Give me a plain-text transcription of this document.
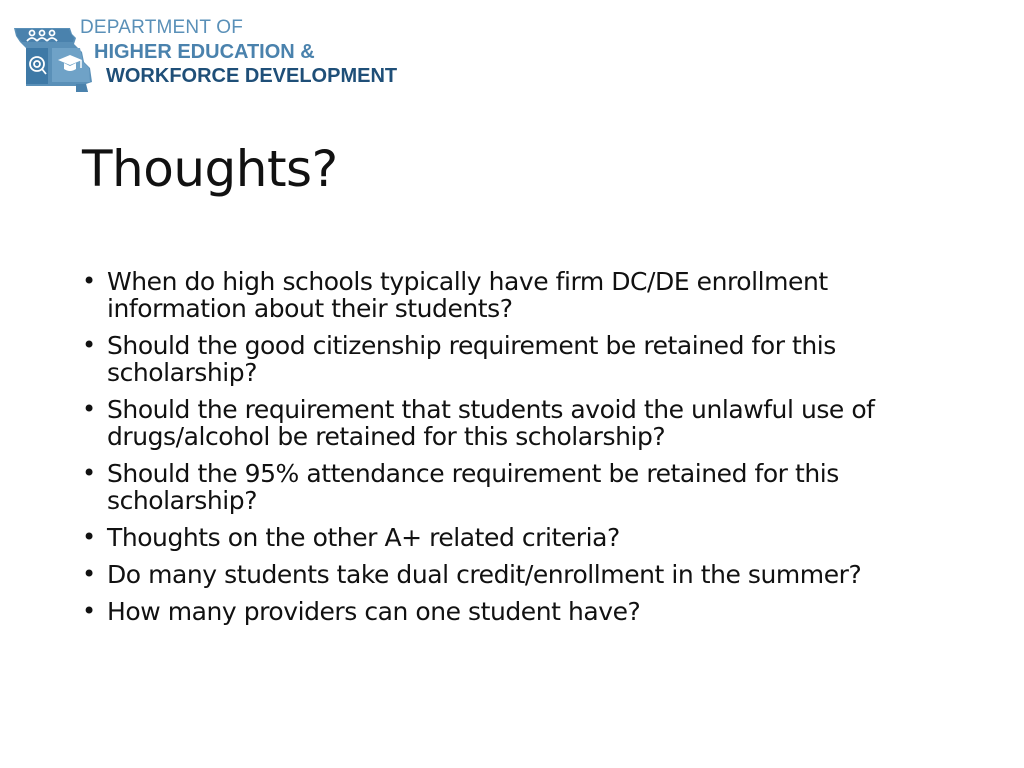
DEPARTMENT OF
HIGHER EDUCATION &
WORKFORCE DEVELOPMENT
Thoughts?
• When do high schools typically have firm DC/DE enrollment information about their students?
• Should the good citizenship requirement be retained for this scholarship?
• Should the requirement that students avoid the unlawful use of drugs/alcohol be retained for this scholarship?
• Should the 95% attendance requirement be retained for this scholarship?
• Thoughts on the other A+ related criteria?
• Do many students take dual credit/enrollment in the summer?
• How many providers can one student have?
